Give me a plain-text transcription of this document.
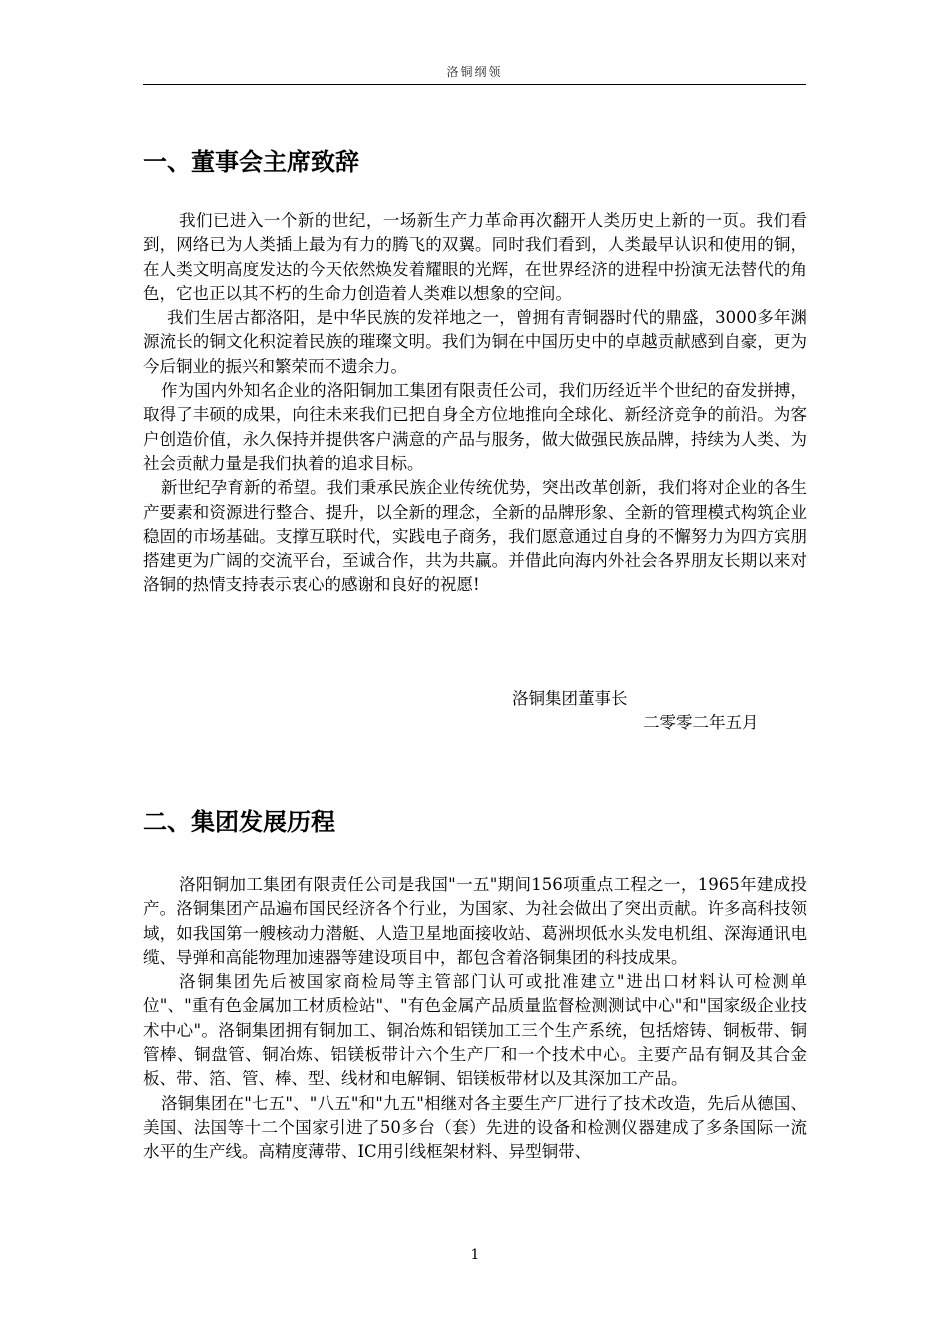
洛铜纲领
一、董事会主席致辞

我们已进入一个新的世纪，一场新生产力革命再次翻开人类历史上新的一页。我们看到，网络已为人类插上最为有力的腾飞的双翼。同时我们看到，人类最早认识和使用的铜，在人类文明高度发达的今天依然焕发着耀眼的光辉，在世界经济的进程中扮演无法替代的角色，它也正以其不朽的生命力创造着人类难以想象的空间。

我们生居古都洛阳，是中华民族的发祥地之一，曾拥有青铜器时代的鼎盛，3000多年渊源流长的铜文化积淀着民族的璀璨文明。我们为铜在中国历史中的卓越贡献感到自豪，更为今后铜业的振兴和繁荣而不遗余力。

作为国内外知名企业的洛阳铜加工集团有限责任公司，我们历经近半个世纪的奋发拼搏，取得了丰硕的成果，向往未来我们已把自身全方位地推向全球化、新经济竞争的前沿。为客户创造价值，永久保持并提供客户满意的产品与服务，做大做强民族品牌，持续为人类、为社会贡献力量是我们执着的追求目标。

新世纪孕育新的希望。我们秉承民族企业传统优势，突出改革创新，我们将对企业的各生产要素和资源进行整合、提升，以全新的理念，全新的品牌形象、全新的管理模式构筑企业稳固的市场基础。支撑互联时代，实践电子商务，我们愿意通过自身的不懈努力为四方宾朋搭建更为广阔的交流平台，至诚合作，共为共赢。并借此向海内外社会各界朋友长期以来对洛铜的热情支持表示衷心的感谢和良好的祝愿!

洛铜集团董事长
二零零二年五月
二、集团发展历程

洛阳铜加工集团有限责任公司是我国"一五"期间156项重点工程之一，1965年建成投产。洛铜集团产品遍布国民经济各个行业，为国家、为社会做出了突出贡献。许多高科技领域，如我国第一艘核动力潜艇、人造卫星地面接收站、葛洲坝低水头发电机组、深海通讯电缆、导弹和高能物理加速器等建设项目中，都包含着洛铜集团的科技成果。

洛铜集团先后被国家商检局等主管部门认可或批准建立"进出口材料认可检测单位"、"重有色金属加工材质检站"、"有色金属产品质量监督检测测试中心"和"国家级企业技术中心"。洛铜集团拥有铜加工、铜冶炼和铝镁加工三个生产系统，包括熔铸、铜板带、铜管棒、铜盘管、铜冶炼、铝镁板带计六个生产厂和一个技术中心。主要产品有铜及其合金板、带、箔、管、棒、型、线材和电解铜、铝镁板带材以及其深加工产品。

洛铜集团在"七五"、"八五"和"九五"相继对各主要生产厂进行了技术改造，先后从德国、美国、法国等十二个国家引进了50多台（套）先进的设备和检测仪器建成了多条国际一流水平的生产线。高精度薄带、IC用引线框架材料、异型铜带、

1
